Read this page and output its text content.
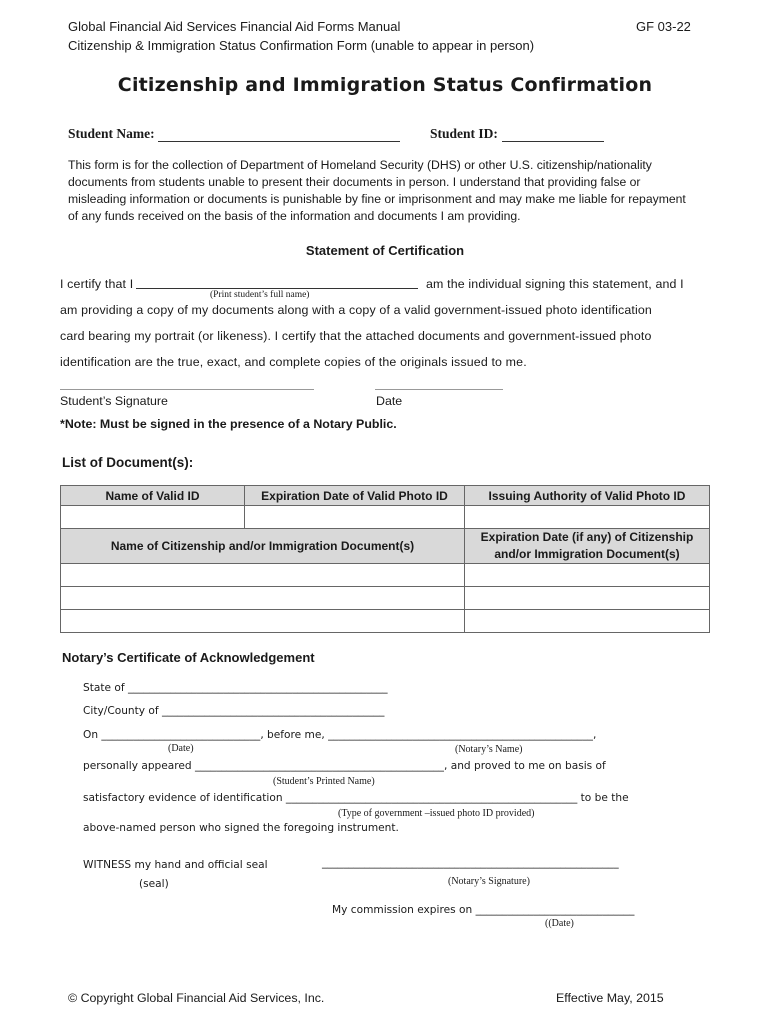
Global Financial Aid Services Financial Aid Forms Manual	GF 03-22
Citizenship & Immigration Status Confirmation Form (unable to appear in person)
Citizenship and Immigration Status Confirmation
Student Name:	Student ID:
This form is for the collection of Department of Homeland Security (DHS) or other U.S. citizenship/nationality documents from students unable to present their documents in person. I understand that providing false or misleading information or documents is punishable by fine or imprisonment and may make me liable for repayment of any funds received on the basis of the information and documents I am providing.
Statement of Certification
I certify that I	am the individual signing this statement, and I
(Print student’s full name)
am providing a copy of my documents along with a copy of a valid government-issued photo identification
card bearing my portrait (or likeness). I certify that the attached documents and government-issued photo
identification are the true, exact, and complete copies of the originals issued to me.
Student’s Signature	Date
*Note: Must be signed in the presence of a Notary Public.
List of Document(s):
Name of Valid ID	Expiration Date of Valid Photo ID	Issuing Authority of Valid Photo ID

Name of Citizenship and/or Immigration Document(s)		Expiration Date (if any) of Citizenship and/or Immigration Document(s)

Notary’s Certificate of Acknowledgement
State of _________________________________________________
City/County of __________________________________________
On ______________________________, before me, __________________________________________________,
(Date)	(Notary’s Name)
personally appeared _______________________________________________, and proved to me on basis of
(Student’s Printed Name)
satisfactory evidence of identification _______________________________________________________ to be the
(Type of government –issued photo ID provided)
above-named person who signed the foregoing instrument.
WITNESS my hand and official seal	________________________________________________________
(seal)	(Notary’s Signature)
My commission expires on ______________________________
((Date)
© Copyright Global Financial Aid Services, Inc.	Effective May, 2015
